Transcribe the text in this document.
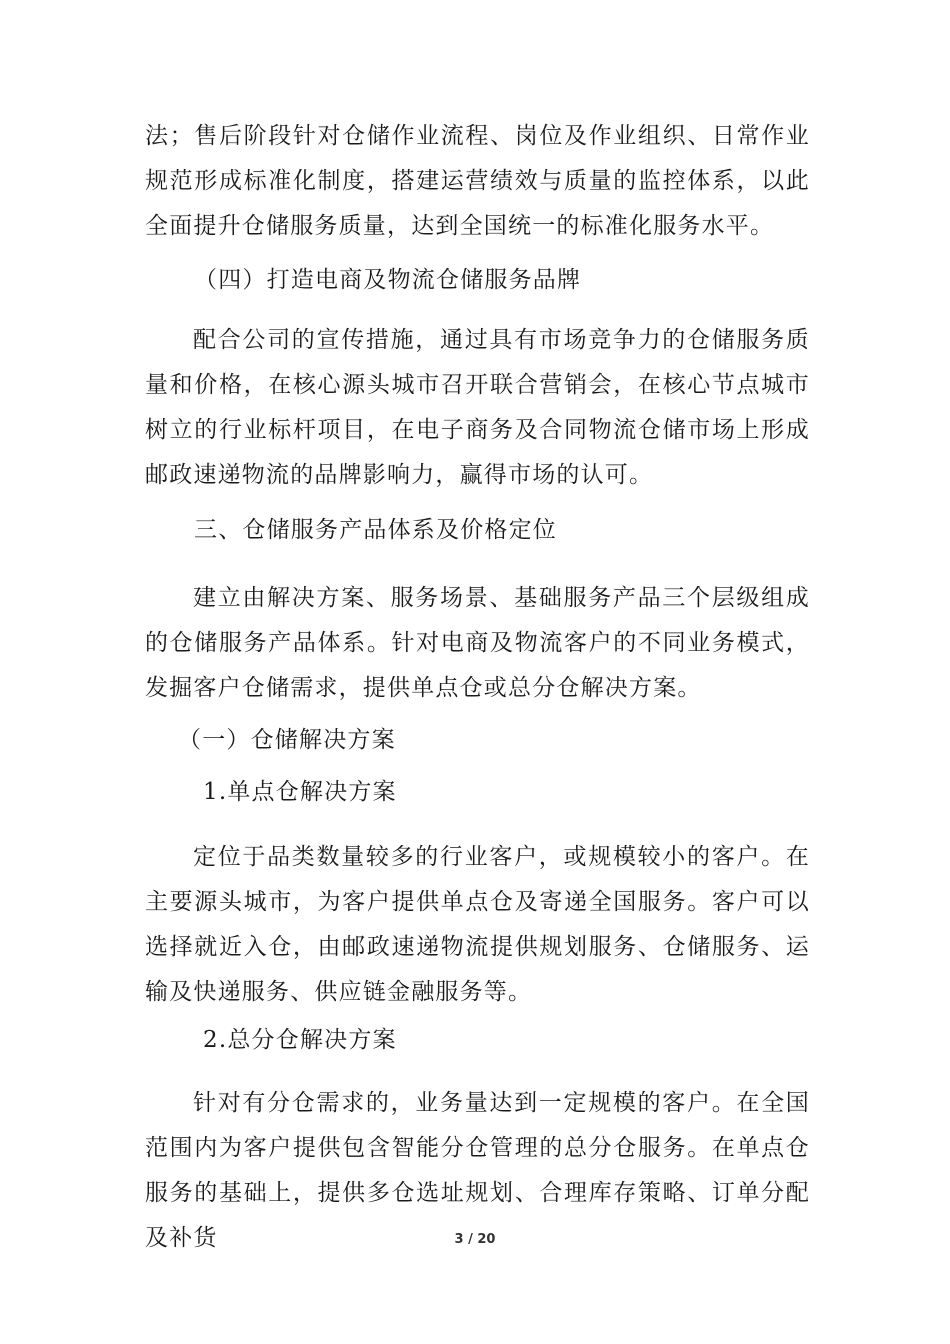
法；售后阶段针对仓储作业流程、岗位及作业组织、日常作业规范形成标准化制度，搭建运营绩效与质量的监控体系，以此全面提升仓储服务质量，达到全国统一的标准化服务水平。

（四）打造电商及物流仓储服务品牌

配合公司的宣传措施，通过具有市场竞争力的仓储服务质量和价格，在核心源头城市召开联合营销会，在核心节点城市树立的行业标杆项目，在电子商务及合同物流仓储市场上形成邮政速递物流的品牌影响力，赢得市场的认可。

三、仓储服务产品体系及价格定位

建立由解决方案、服务场景、基础服务产品三个层级组成的仓储服务产品体系。针对电商及物流客户的不同业务模式，发掘客户仓储需求，提供单点仓或总分仓解决方案。

（一）仓储解决方案

1.单点仓解决方案

定位于品类数量较多的行业客户，或规模较小的客户。在主要源头城市，为客户提供单点仓及寄递全国服务。客户可以选择就近入仓，由邮政速递物流提供规划服务、仓储服务、运输及快递服务、供应链金融服务等。

2.总分仓解决方案

针对有分仓需求的，业务量达到一定规模的客户。在全国范围内为客户提供包含智能分仓管理的总分仓服务。在单点仓服务的基础上，提供多仓选址规划、合理库存策略、订单分配及补货	3 / 20
